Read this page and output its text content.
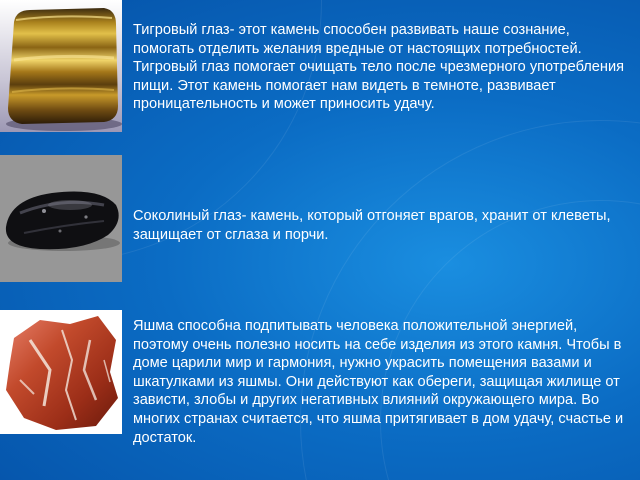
Тигровый глаз- этот камень способен развивать наше сознание, помогать отделить желания вредные от настоящих потребностей. Тигровый глаз помогает очищать тело после чрезмерного употребления пищи. Этот камень помогает нам видеть в темноте, развивает проницательность и может приносить удачу.

Соколиный глаз- камень, который отгоняет врагов, хранит от клеветы, защищает от сглаза и порчи.

Яшма способна подпитывать человека положительной энергией, поэтому очень полезно носить на себе изделия из этого камня. Чтобы в доме царили мир и гармония, нужно украсить помещения вазами и шкатулками из яшмы. Они действуют как обереги, защищая жилище от зависти, злобы и других негативных влияний окружающего мира. Во многих странах считается, что яшма притягивает в дом удачу, счастье и достаток.
